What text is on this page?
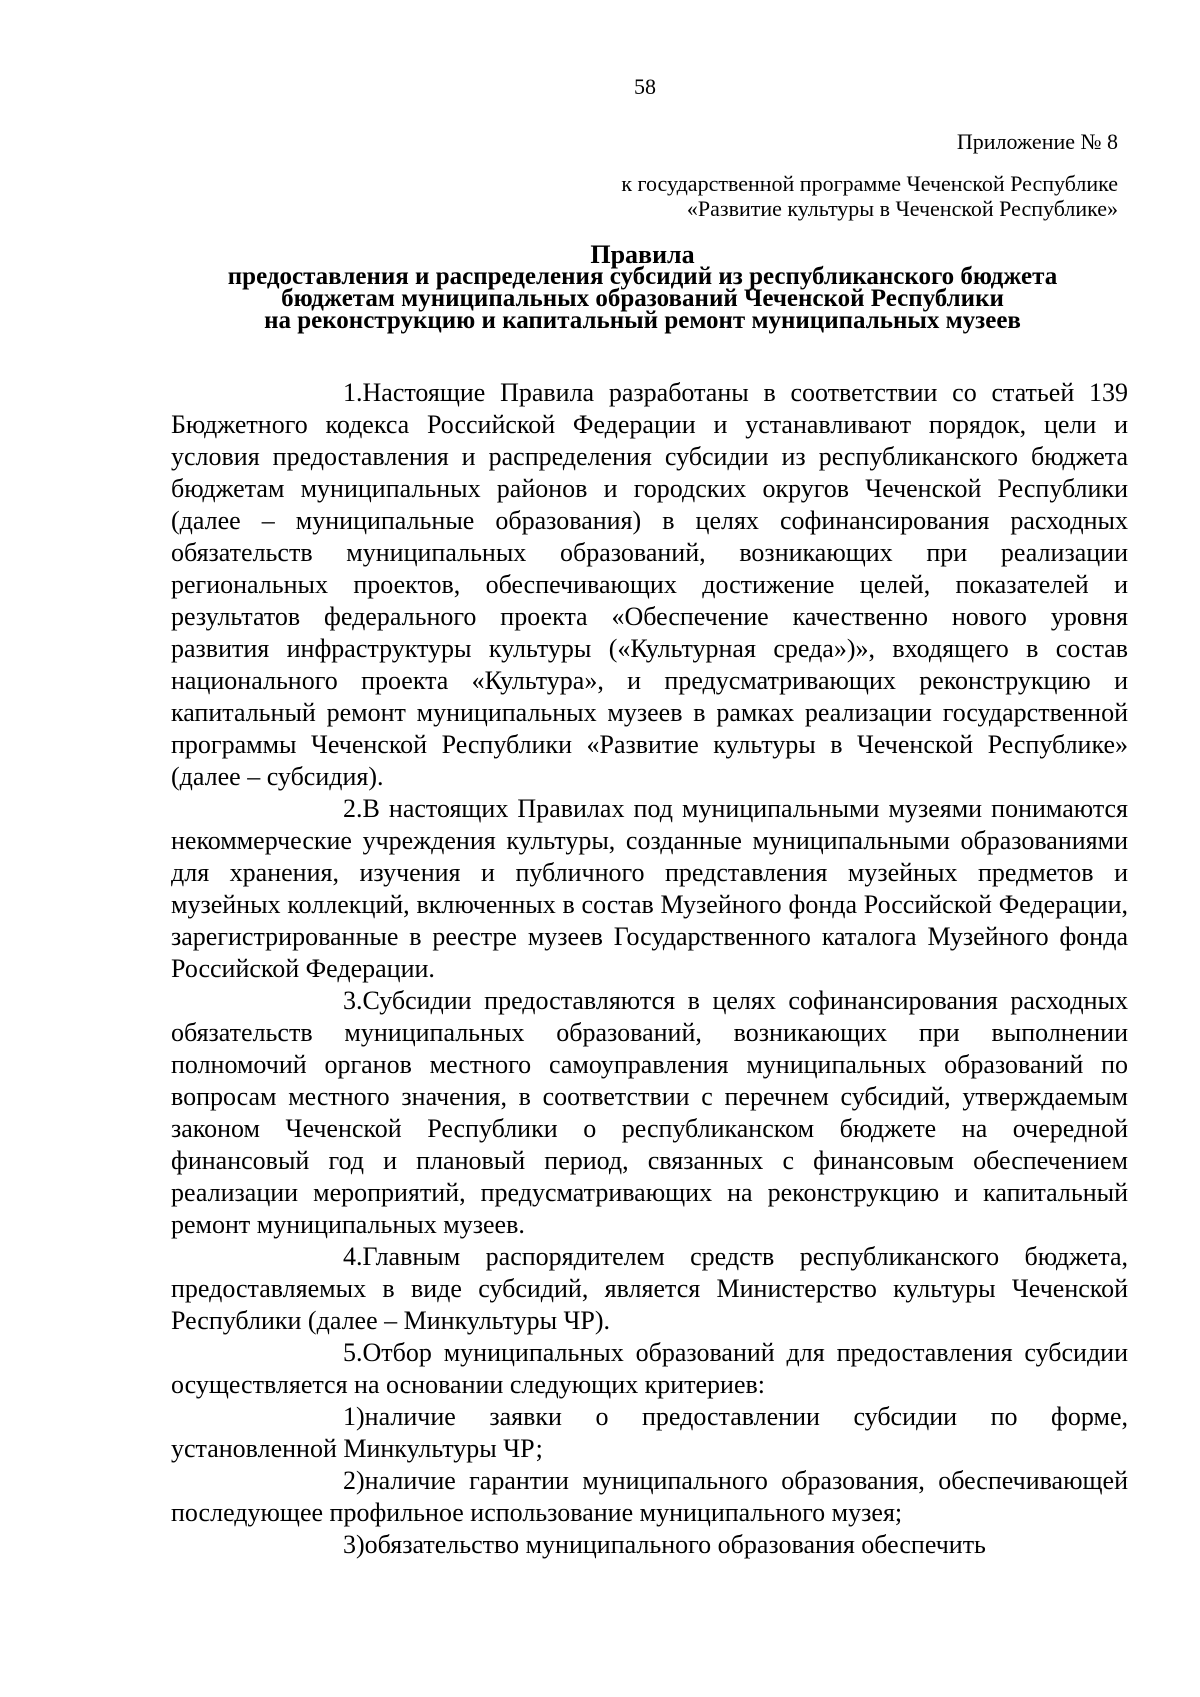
58
Приложение № 8
к государственной программе Чеченской Республике
«Развитие культуры в Чеченской Республике»
Правила
предоставления и распределения субсидий из республиканского бюджета
бюджетам муниципальных образований Чеченской Республики
на реконструкцию и капитальный ремонт муниципальных музеев

1.Настоящие Правила разработаны в соответствии со статьей 139 Бюджетного кодекса Российской Федерации и устанавливают порядок, цели и условия предоставления и распределения субсидии из республиканского бюджета бюджетам муниципальных районов и городских округов Чеченской Республики (далее – муниципальные образования) в целях софинансирования расходных обязательств муниципальных образований, возникающих при реализации региональных проектов, обеспечивающих достижение целей, показателей и результатов федерального проекта «Обеспечение качественно нового уровня развития инфраструктуры культуры («Культурная среда»)», входящего в состав национального проекта «Культура», и предусматривающих реконструкцию и капитальный ремонт муниципальных музеев в рамках реализации государственной программы Чеченской Республики «Развитие культуры в Чеченской Республике» (далее – субсидия).

2.В настоящих Правилах под муниципальными музеями понимаются некоммерческие учреждения культуры, созданные муниципальными образованиями для хранения, изучения и публичного представления музейных предметов и музейных коллекций, включенных в состав Музейного фонда Российской Федерации, зарегистрированные в реестре музеев Государственного каталога Музейного фонда Российской Федерации.

3.Субсидии предоставляются в целях софинансирования расходных обязательств муниципальных образований, возникающих при выполнении полномочий органов местного самоуправления муниципальных образований по вопросам местного значения, в соответствии с перечнем субсидий, утверждаемым законом Чеченской Республики о республиканском бюджете на очередной финансовый год и плановый период, связанных с финансовым обеспечением реализации мероприятий, предусматривающих на реконструкцию и капитальный ремонт муниципальных музеев.

4.Главным распорядителем средств республиканского бюджета, предоставляемых в виде субсидий, является Министерство культуры Чеченской Республики (далее – Минкультуры ЧР).

5.Отбор муниципальных образований для предоставления субсидии осуществляется на основании следующих критериев:

1)наличие заявки о предоставлении субсидии по форме, установленной Минкультуры ЧР;

2)наличие гарантии муниципального образования, обеспечивающей последующее профильное использование муниципального музея;

3)обязательство муниципального образования обеспечить
